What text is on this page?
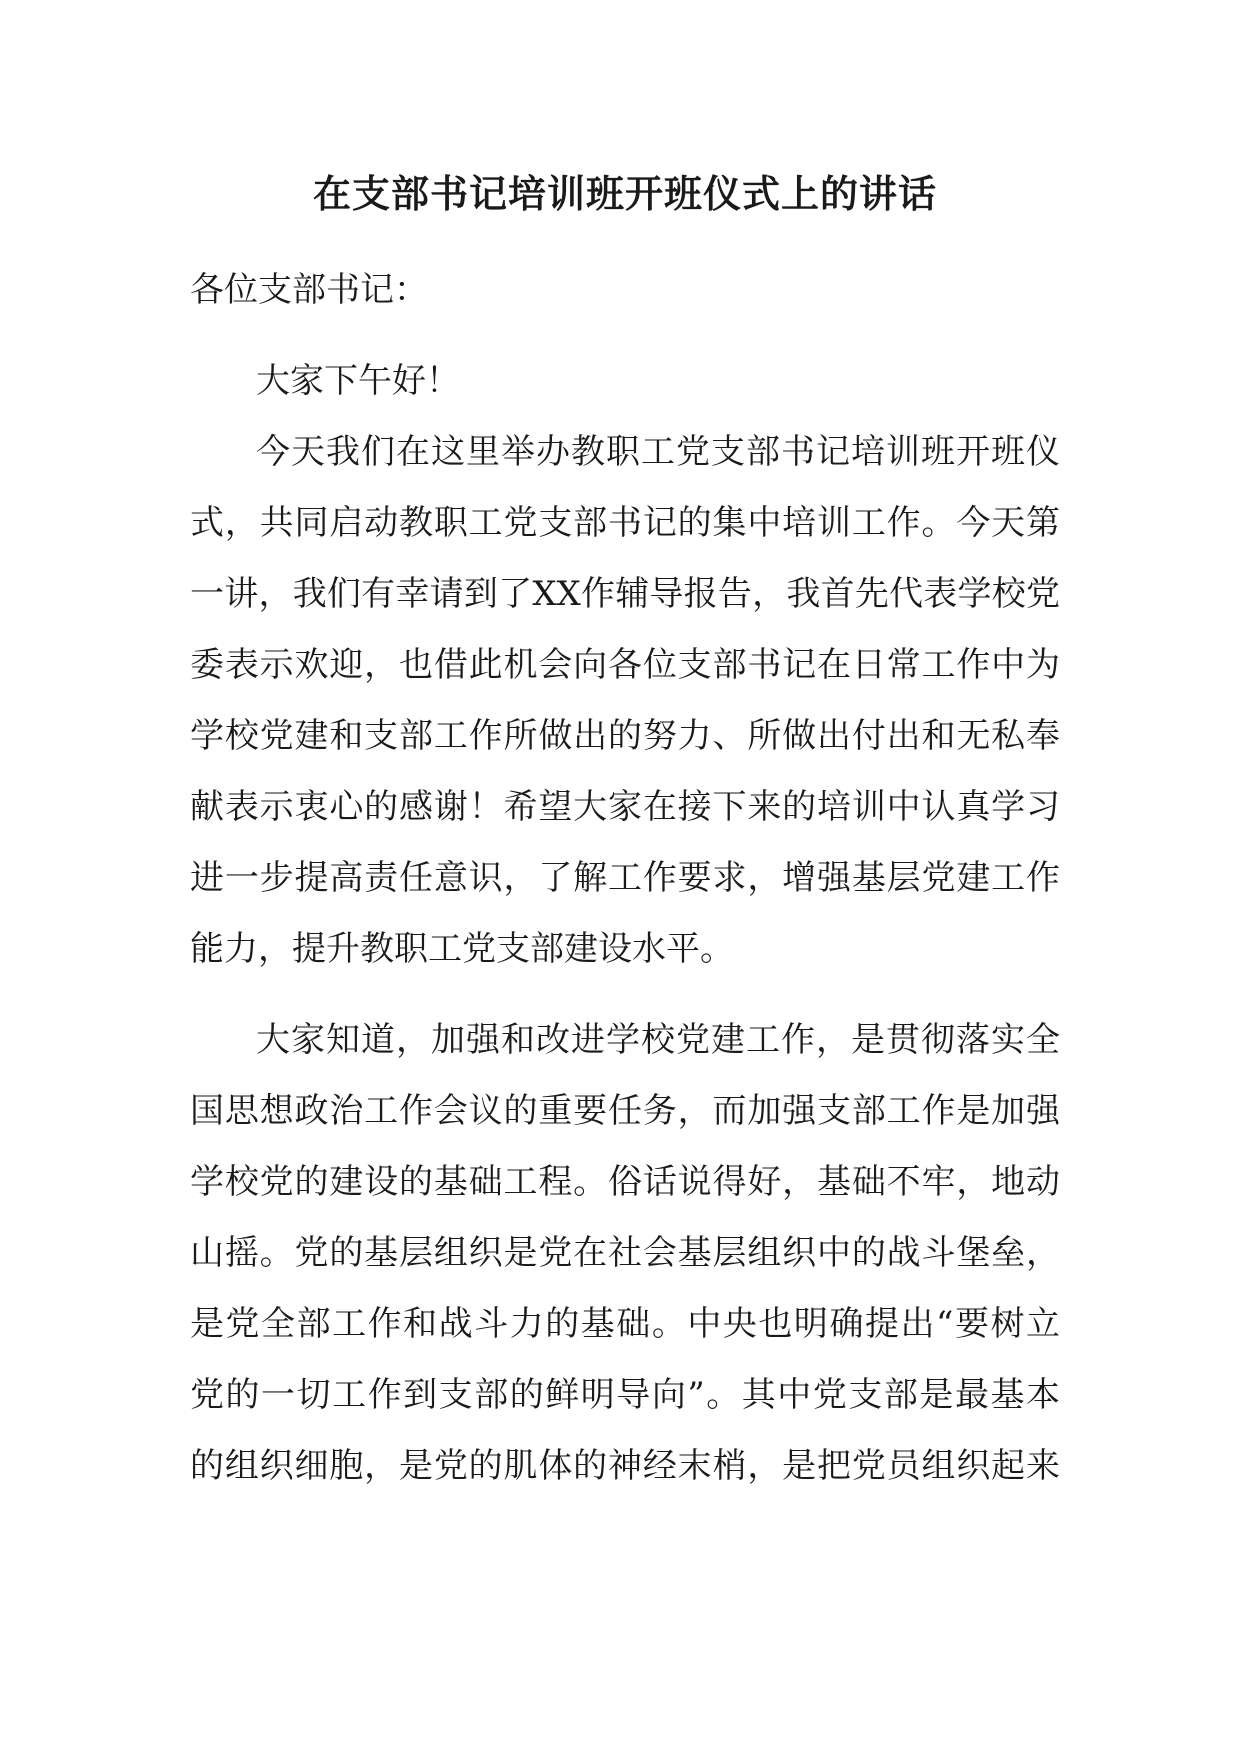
在支部书记培训班开班仪式上的讲话

各位支部书记：

大家下午好！

今天我们在这里举办教职工党支部书记培训班开班仪

式，共同启动教职工党支部书记的集中培训工作。今天第

一讲，我们有幸请到了XX作辅导报告，我首先代表学校党

委表示欢迎，也借此机会向各位支部书记在日常工作中为

学校党建和支部工作所做出的努力、所做出付出和无私奉

献表示衷心的感谢！希望大家在接下来的培训中认真学习

进一步提高责任意识，了解工作要求，增强基层党建工作

能力，提升教职工党支部建设水平。

大家知道，加强和改进学校党建工作，是贯彻落实全

国思想政治工作会议的重要任务，而加强支部工作是加强

学校党的建设的基础工程。俗话说得好，基础不牢，地动

山摇。党的基层组织是党在社会基层组织中的战斗堡垒，

是党全部工作和战斗力的基础。中央也明确提出“要树立

党的一切工作到支部的鲜明导向”。其中党支部是最基本

的组织细胞，是党的肌体的神经末梢，是把党员组织起来
